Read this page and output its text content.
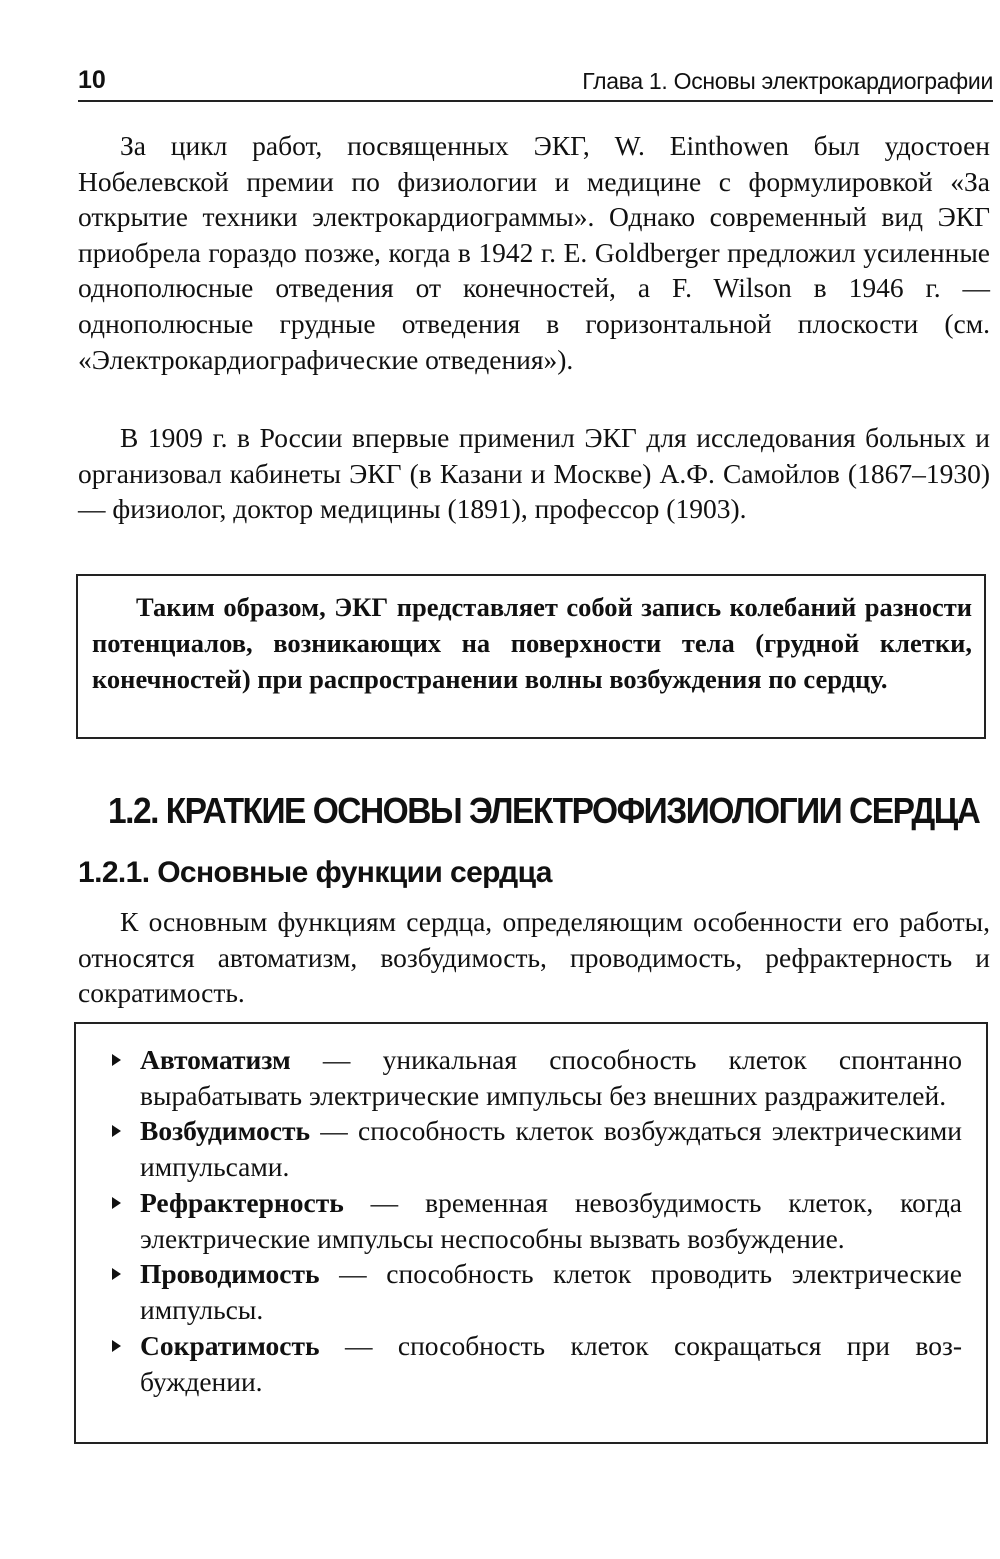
10	Глава 1. Основы электрокардиографии

За цикл работ, посвященных ЭКГ, W. Einthowen был удостоен Нобелевской премии по физиологии и медицине с формулировкой «За открытие техники электрокардиограммы». Однако современный вид ЭКГ приобрела гораздо позже, когда в 1942 г. E. Goldberger предложил усиленные однополюсные отведения от конечностей, а F. Wilson в 1946 г. — однополюсные грудные отведения в горизонтальной плоскости (см. «Электрокардиографические отведения»).

В 1909 г. в России впервые применил ЭКГ для исследования больных и организовал кабинеты ЭКГ (в Казани и Москве) А.Ф. Самойлов (1867–1930) — физиолог, доктор медицины (1891), профессор (1903).

Таким образом, ЭКГ представляет собой запись колебаний разности потенциалов, возникающих на поверхности тела (грудной клетки, конечностей) при распространении волны возбуждения по сердцу.

1.2. КРАТКИЕ ОСНОВЫ ЭЛЕКТРОФИЗИОЛОГИИ СЕРДЦА
1.2.1. Основные функции сердца

К основным функциям сердца, определяющим особенности его работы, относятся автоматизм, возбудимость, проводимость, рефрактерность и сократимость.

Автоматизм — уникальная способность клеток спонтанно вырабатывать электрические импульсы без внешних раздражителей.
Возбудимость — способность клеток возбуждаться электрическими импульсами.
Рефрактерность — временная невозбудимость клеток, когда электрические импульсы неспособны вызвать возбуждение.
Проводимость — способность клеток проводить электрические импульсы.
Сократимость — способность клеток сокращаться при возбуждении.
